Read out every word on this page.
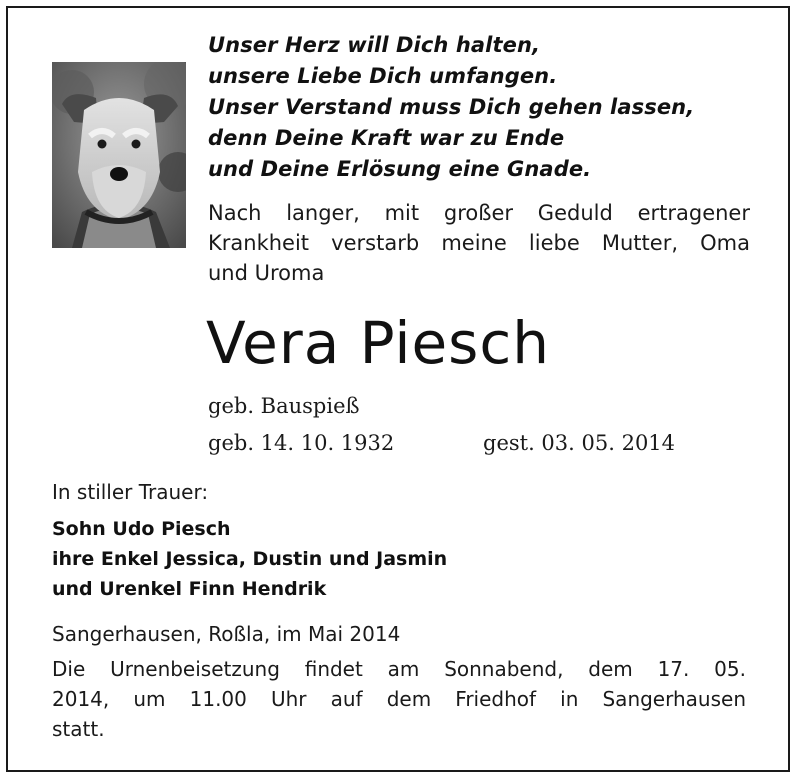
Unser Herz will Dich halten,
unsere Liebe Dich umfangen.
Unser Verstand muss Dich gehen lassen,
denn Deine Kraft war zu Ende
und Deine Erlösung eine Gnade.
Nach langer, mit großer Geduld ertragener
Krankheit verstarb meine liebe Mutter, Oma
und Uroma
Vera Piesch
geb. Bauspieß
geb. 14. 10. 1932	gest. 03. 05. 2014
In stiller Trauer:
Sohn Udo Piesch
ihre Enkel Jessica, Dustin und Jasmin
und Urenkel Finn Hendrik
Sangerhausen, Roßla, im Mai 2014
Die Urnenbeisetzung findet am Sonnabend, dem 17. 05.
2014, um 11.00 Uhr auf dem Friedhof in Sangerhausen
statt.
